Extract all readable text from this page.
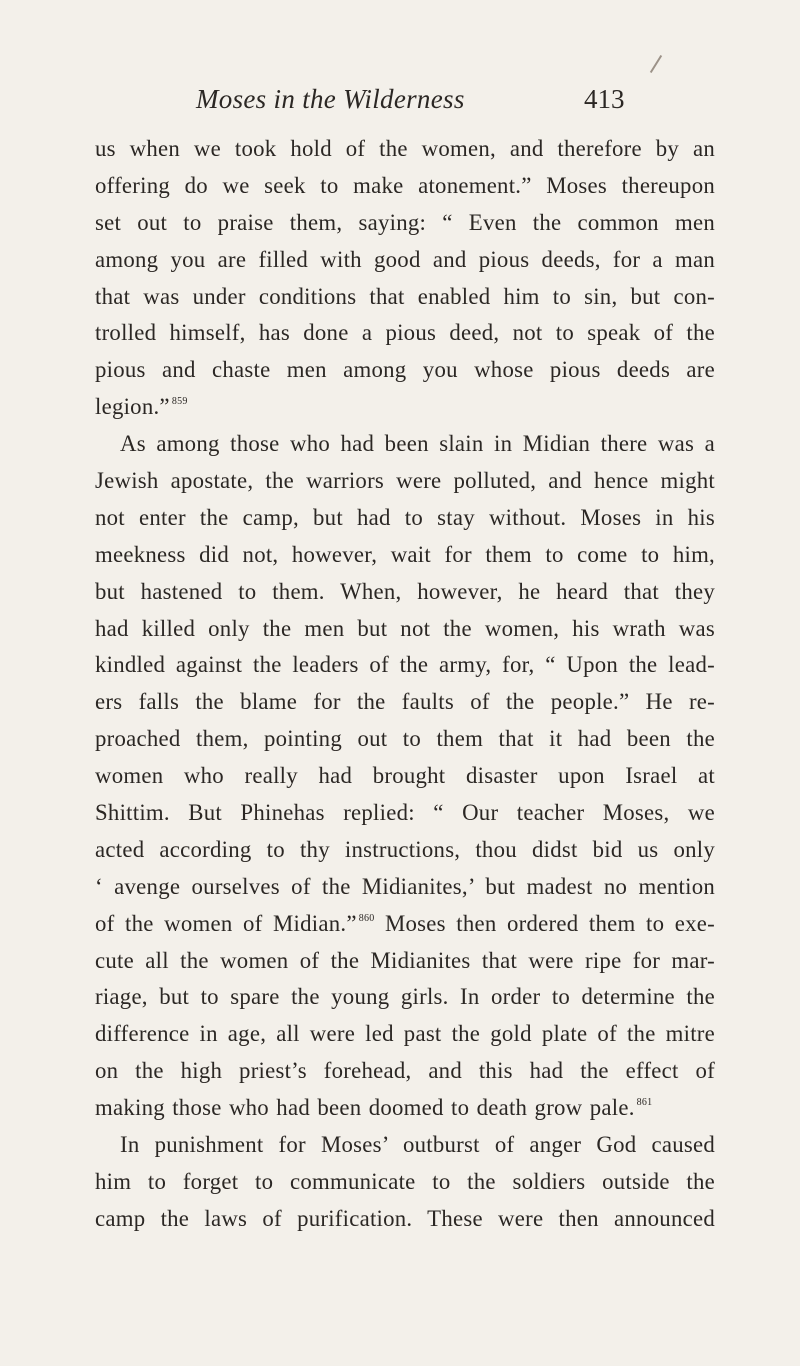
Moses in the Wilderness	413
us when we took hold of the women, and therefore by an
offering do we seek to make atonement.” Moses thereupon
set out to praise them, saying: “ Even the common men
among you are filled with good and pious deeds, for a man
that was under conditions that enabled him to sin, but con-
trolled himself, has done a pious deed, not to speak of the
pious and chaste men among you whose pious deeds are
legion.” $^{859}$
As among those who had been slain in Midian there was a
Jewish apostate, the warriors were polluted, and hence might
not enter the camp, but had to stay without. Moses in his
meekness did not, however, wait for them to come to him,
but hastened to them. When, however, he heard that they
had killed only the men but not the women, his wrath was
kindled against the leaders of the army, for, “ Upon the lead-
ers falls the blame for the faults of the people.” He re-
proached them, pointing out to them that it had been the
women who really had brought disaster upon Israel at
Shittim. But Phinehas replied: “ Our teacher Moses, we
acted according to thy instructions, thou didst bid us only
‘ avenge ourselves of the Midianites,’ but madest no mention
of the women of Midian.” $^{860}$ Moses then ordered them to exe-
cute all the women of the Midianites that were ripe for mar-
riage, but to spare the young girls. In order to determine the
difference in age, all were led past the gold plate of the mitre
on the high priest’s forehead, and this had the effect of
making those who had been doomed to death grow pale. $^{861}$
In punishment for Moses’ outburst of anger God caused
him to forget to communicate to the soldiers outside the
camp the laws of purification. These were then announced
